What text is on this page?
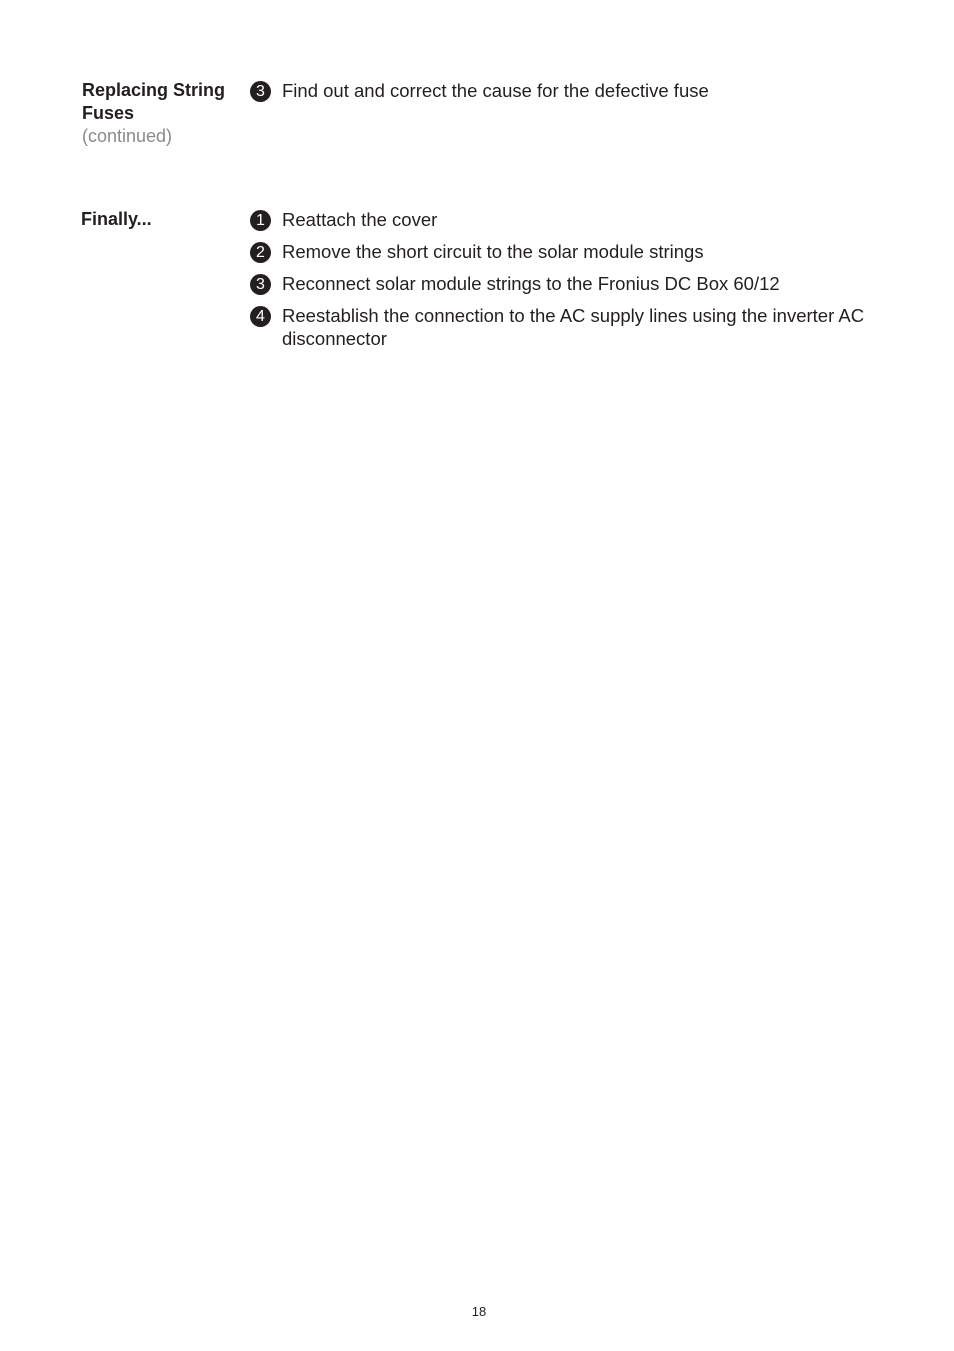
Replacing String Fuses
(continued)
3 Find out and correct the cause for the defective fuse
Finally...	1 Reattach the cover
2 Remove the short circuit to the solar module strings
3 Reconnect solar module strings to the Fronius DC Box 60/12
4 Reestablish the connection to the AC supply lines using the inverter AC disconnector
18
